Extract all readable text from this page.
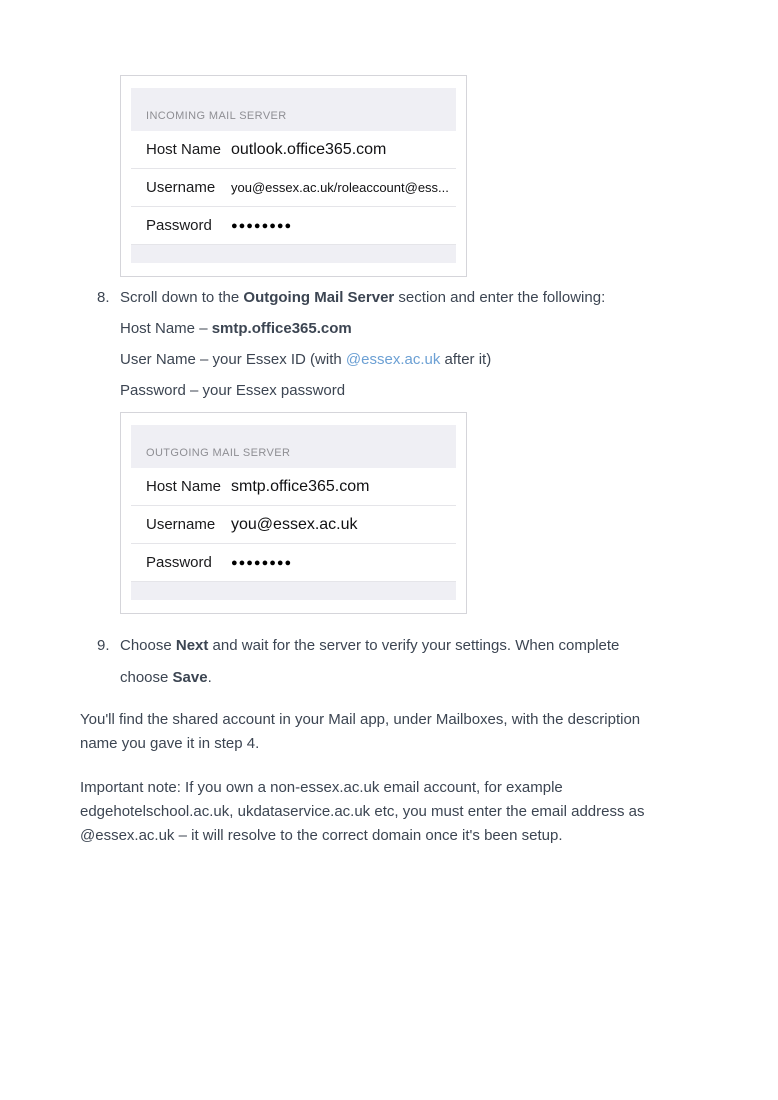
INCOMING MAIL SERVER
Host Name outlook.office365.com
Username	you@essex.ac.uk/roleaccount@ess...
Password	●●●●●●●●
8. Scroll down to the Outgoing Mail Server section and enter the following:
Host Name – smtp.office365.com
User Name – your Essex ID (with @essex.ac.uk after it)
Password – your Essex password
OUTGOING MAIL SERVER
Host Name smtp.office365.com
Username you@essex.ac.uk
Password	●●●●●●●●
9. Choose Next and wait for the server to verify your settings. When complete
choose Save.
You'll find the shared account in your Mail app, under Mailboxes, with the description
name you gave it in step 4.
Important note: If you own a non-essex.ac.uk email account, for example
edgehotelschool.ac.uk, ukdataservice.ac.uk etc, you must enter the email address as
@essex.ac.uk – it will resolve to the correct domain once it's been setup.
